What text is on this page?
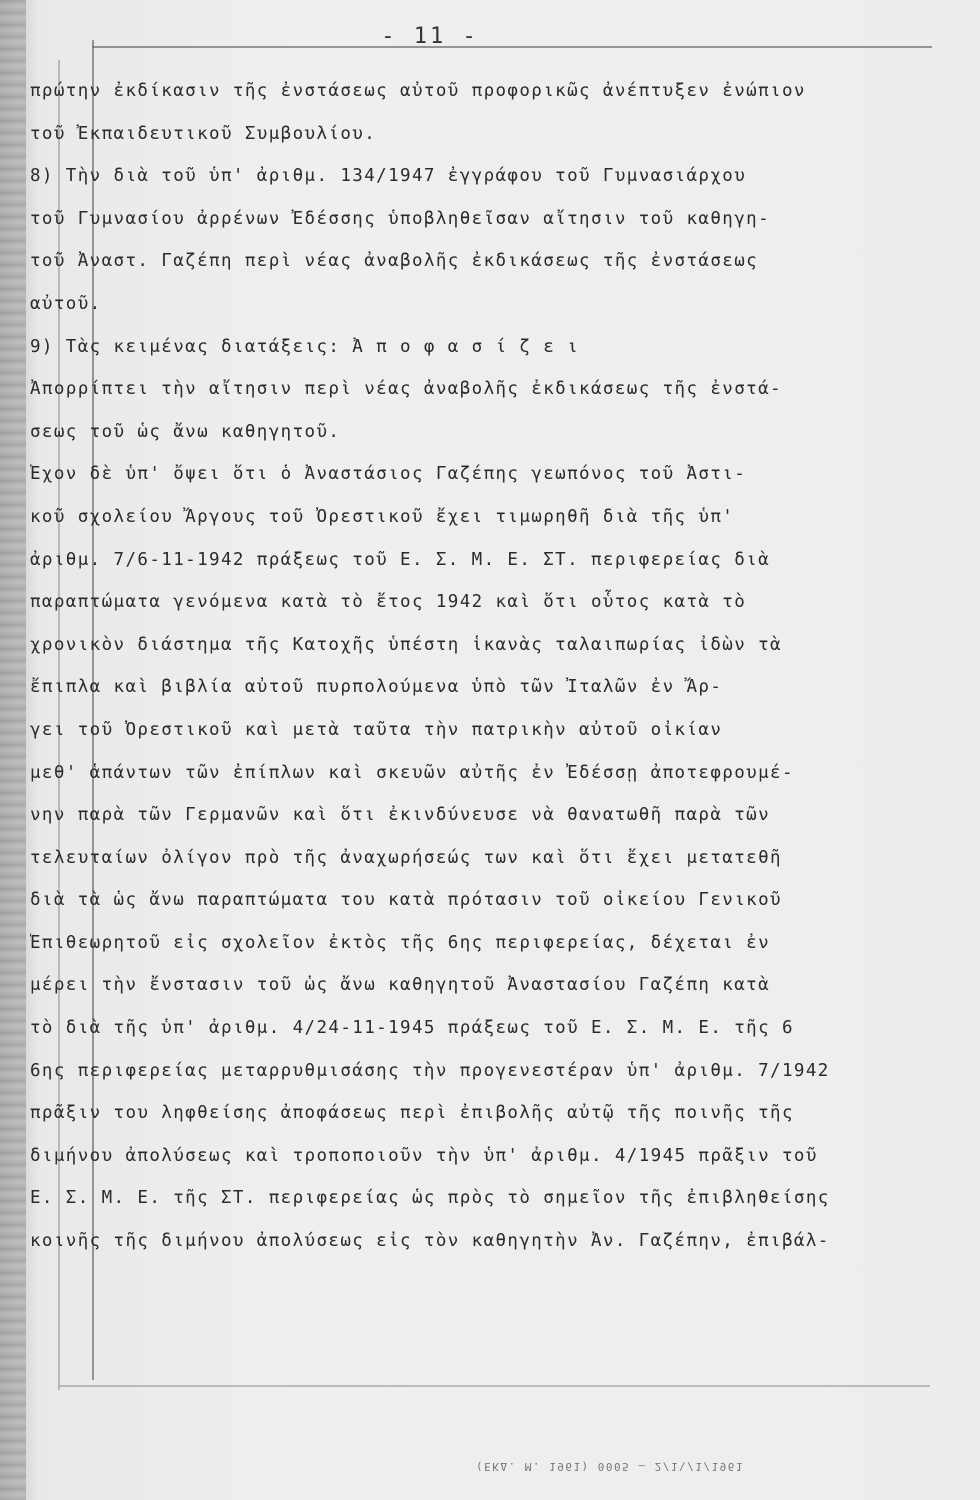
- 11 -
πρώτην ἐκδίκασιν τῆς ἐνστάσεως αὐτοῦ προφορικῶς ἀνέπτυξεν ἐνώπιον
τοῦ Ἐκπαιδευτικοῦ Συμβουλίου.
8) Τὴν διὰ τοῦ ὑπ' ἀριθμ. 134/1947 ἐγγράφου τοῦ Γυμνασιάρχου
τοῦ Γυμνασίου ἀρρένων Ἐδέσσης ὑποβληθεῖσαν αἴτησιν τοῦ καθηγη-
τοῦ Ἀναστ. Γαζέπη περὶ νέας ἀναβολῆς ἐκδικάσεως τῆς ἐνστάσεως
αὐτοῦ.
9) Τὰς κειμένας διατάξεις: Ἀ π ο φ α σ ί ζ ε ι
Ἀπορρίπτει τὴν αἴτησιν περὶ νέας ἀναβολῆς ἐκδικάσεως τῆς ἐνστά-
σεως τοῦ ὡς ἄνω καθηγητοῦ.
Ἔχον δὲ ὑπ' ὄψει ὅτι ὁ Ἀναστάσιος Γαζέπης γεωπόνος τοῦ Ἀστι-
κοῦ σχολείου Ἄργους τοῦ Ὀρεστικοῦ ἔχει τιμωρηθῆ διὰ τῆς ὑπ'
ἀριθμ. 7/6-11-1942 πράξεως τοῦ Ε. Σ. Μ. Ε. ΣΤ. περιφερείας διὰ
παραπτώματα γενόμενα κατὰ τὸ ἔτος 1942 καὶ ὅτι οὗτος κατὰ τὸ
χρονικὸν διάστημα τῆς Κατοχῆς ὑπέστη ἱκανὰς ταλαιπωρίας ἰδὼν τὰ
ἔπιπλα καὶ βιβλία αὐτοῦ πυρπολούμενα ὑπὸ τῶν Ἰταλῶν ἐν Ἄρ-
γει τοῦ Ὀρεστικοῦ καὶ μετὰ ταῦτα τὴν πατρικὴν αὐτοῦ οἰκίαν
μεθ' ἁπάντων τῶν ἐπίπλων καὶ σκευῶν αὐτῆς ἐν Ἐδέσσῃ ἀποτεφρουμέ-
νην παρὰ τῶν Γερμανῶν καὶ ὅτι ἐκινδύνευσε νὰ θανατωθῆ παρὰ τῶν
τελευταίων ὀλίγον πρὸ τῆς ἀναχωρήσεώς των καὶ ὅτι ἔχει μετατεθῆ
διὰ τὰ ὡς ἄνω παραπτώματα του κατὰ πρότασιν τοῦ οἰκείου Γενικοῦ
Ἐπιθεωρητοῦ εἰς σχολεῖον ἐκτὸς τῆς 6ης περιφερείας, δέχεται ἐν
μέρει τὴν ἔνστασιν τοῦ ὡς ἄνω καθηγητοῦ Ἀναστασίου Γαζέπη κατὰ
τὸ διὰ τῆς ὑπ' ἀριθμ. 4/24-11-1945 πράξεως τοῦ Ε. Σ. Μ. Ε. τῆς 6
6ης περιφερείας μεταρρυθμισάσης τὴν προγενεστέραν ὑπ' ἀριθμ. 7/1942
πρᾶξιν του ληφθείσης ἀποφάσεως περὶ ἐπιβολῆς αὐτῷ τῆς ποινῆς τῆς
διμήνου ἀπολύσεως καὶ τροποποιοῦν τὴν ὑπ' ἀριθμ. 4/1945 πρᾶξιν τοῦ
Ε. Σ. Μ. Ε. τῆς ΣΤ. περιφερείας ὡς πρὸς τὸ σημεῖον τῆς ἐπιβληθείσης
κοινῆς τῆς διμήνου ἀπολύσεως εἰς τὸν καθηγητὴν Ἀν. Γαζέπην, ἐπιβάλ-
(ΕΚΔ. Μ. 1961) 0005 — 2/1\/1/1961
